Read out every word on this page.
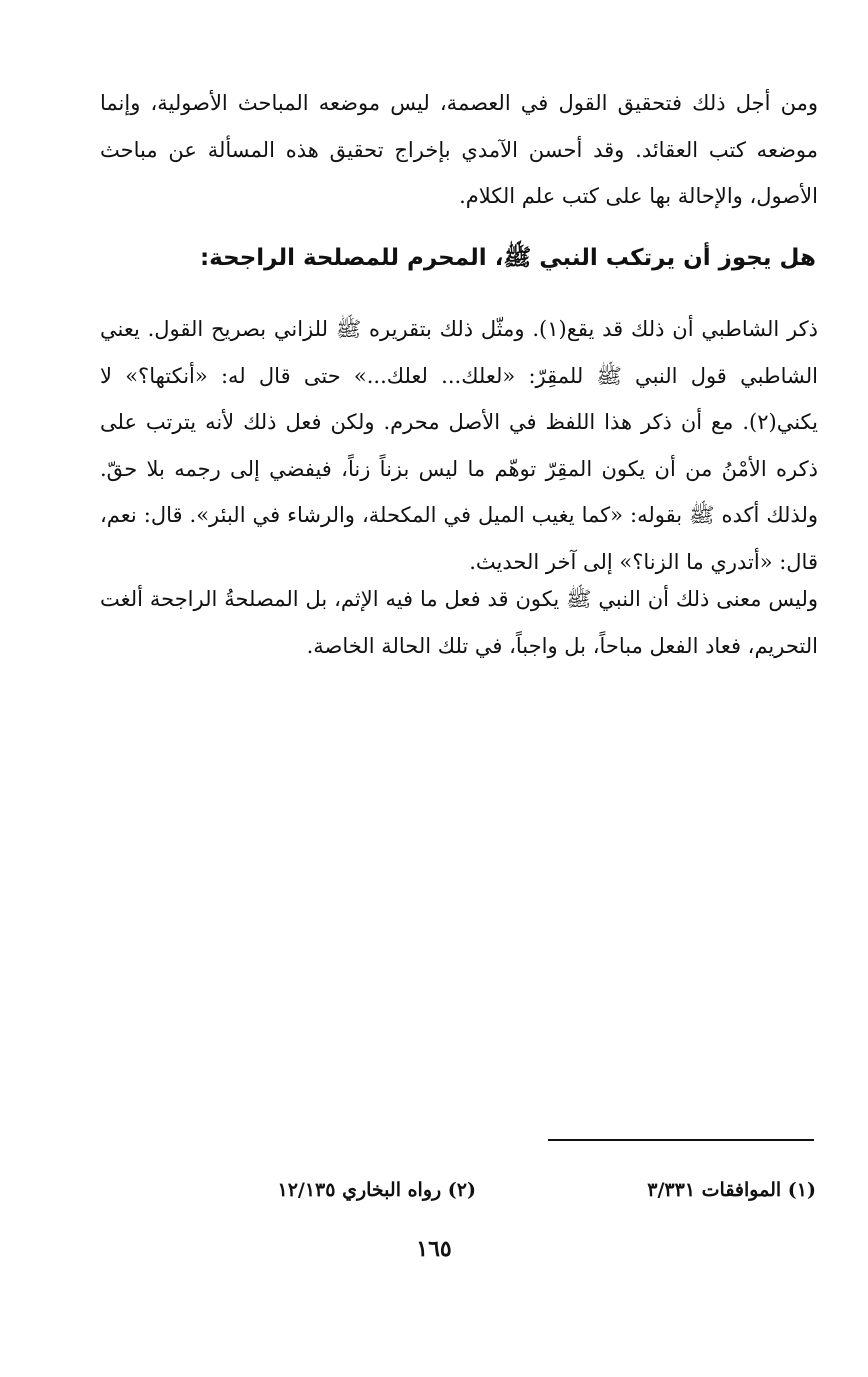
ومن أجل ذلك فتحقيق القول في العصمة، ليس موضعه المباحث الأصولية، وإنما موضعه كتب العقائد. وقد أحسن الآمدي بإخراج تحقيق هذه المسألة عن مباحث الأصول، والإحالة بها على كتب علم الكلام.

هل يجوز أن يرتكب النبي ﷺ، المحرم للمصلحة الراجحة:

ذكر الشاطبي أن ذلك قد يقع(١). ومثّل ذلك بتقريره ﷺ للزاني بصريح القول. يعني الشاطبي قول النبي ﷺ للمقِرّ: «لعلك... لعلك...» حتى قال له: «أنكتها؟» لا يكني(٢). مع أن ذكر هذا اللفظ في الأصل محرم. ولكن فعل ذلك لأنه يترتب على ذكره الأمْنُ من أن يكون المقِرّ توهّم ما ليس بزناً زناً، فيفضي إلى رجمه بلا حقّ. ولذلك أكده ﷺ بقوله: «كما يغيب الميل في المكحلة، والرشاء في البئر». قال: نعم، قال: «أتدري ما الزنا؟» إلى آخر الحديث.

وليس معنى ذلك أن النبي ﷺ يكون قد فعل ما فيه الإثم، بل المصلحةُ الراجحة ألغت التحريم، فعاد الفعل مباحاً، بل واجباً، في تلك الحالة الخاصة.

(١) الموافقات ٣/٣٣١

(٢) رواه البخاري ١٢/١٣٥

١٦٥
